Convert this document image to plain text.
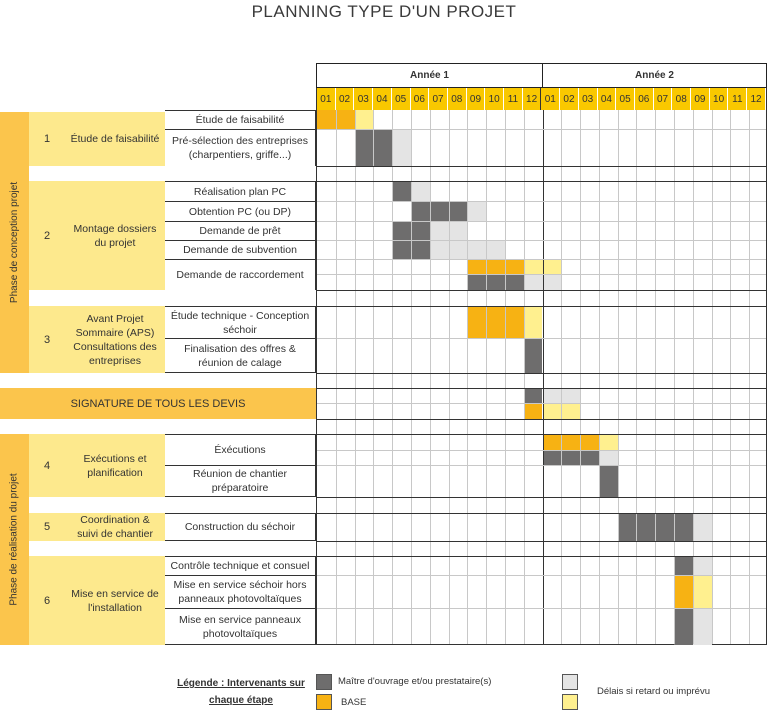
PLANNING TYPE D'UN PROJET
Année 1	Année 2
01 02 03 04 05 06 07 08 09 10 11 12 01 02 03 04 05 06 07 08 09 10 11 12
Phase de conception projet
Phase de réalisation du projet
1	Étude de faisabilité
2
Montage dossiers du projet
3
Avant Projet Sommaire (APS) Consultations des entreprises
4
Exécutions et planification
5
Coordination & suivi de chantier
6
Mise en service de l'installation
Étude de faisabilité
Pré-sélection des entreprises (charpentiers, griffe...)
Réalisation plan PC
Obtention PC (ou DP)
Demande de prêt
Demande de subvention
Demande de raccordement
Étude technique - Conception séchoir
Finalisation des offres & réunion de calage
Éxécutions
Réunion de chantier préparatoire
Construction du séchoir
Contrôle technique et consuel
Mise en service séchoir hors panneaux photovoltaïques
Mise en service panneaux photovoltaïques
SIGNATURE DE TOUS LES DEVIS
Légende : Intervenants sur chaque étape
Maître d'ouvrage et/ou prestataire(s)
BASE
Délais si retard ou imprévu
